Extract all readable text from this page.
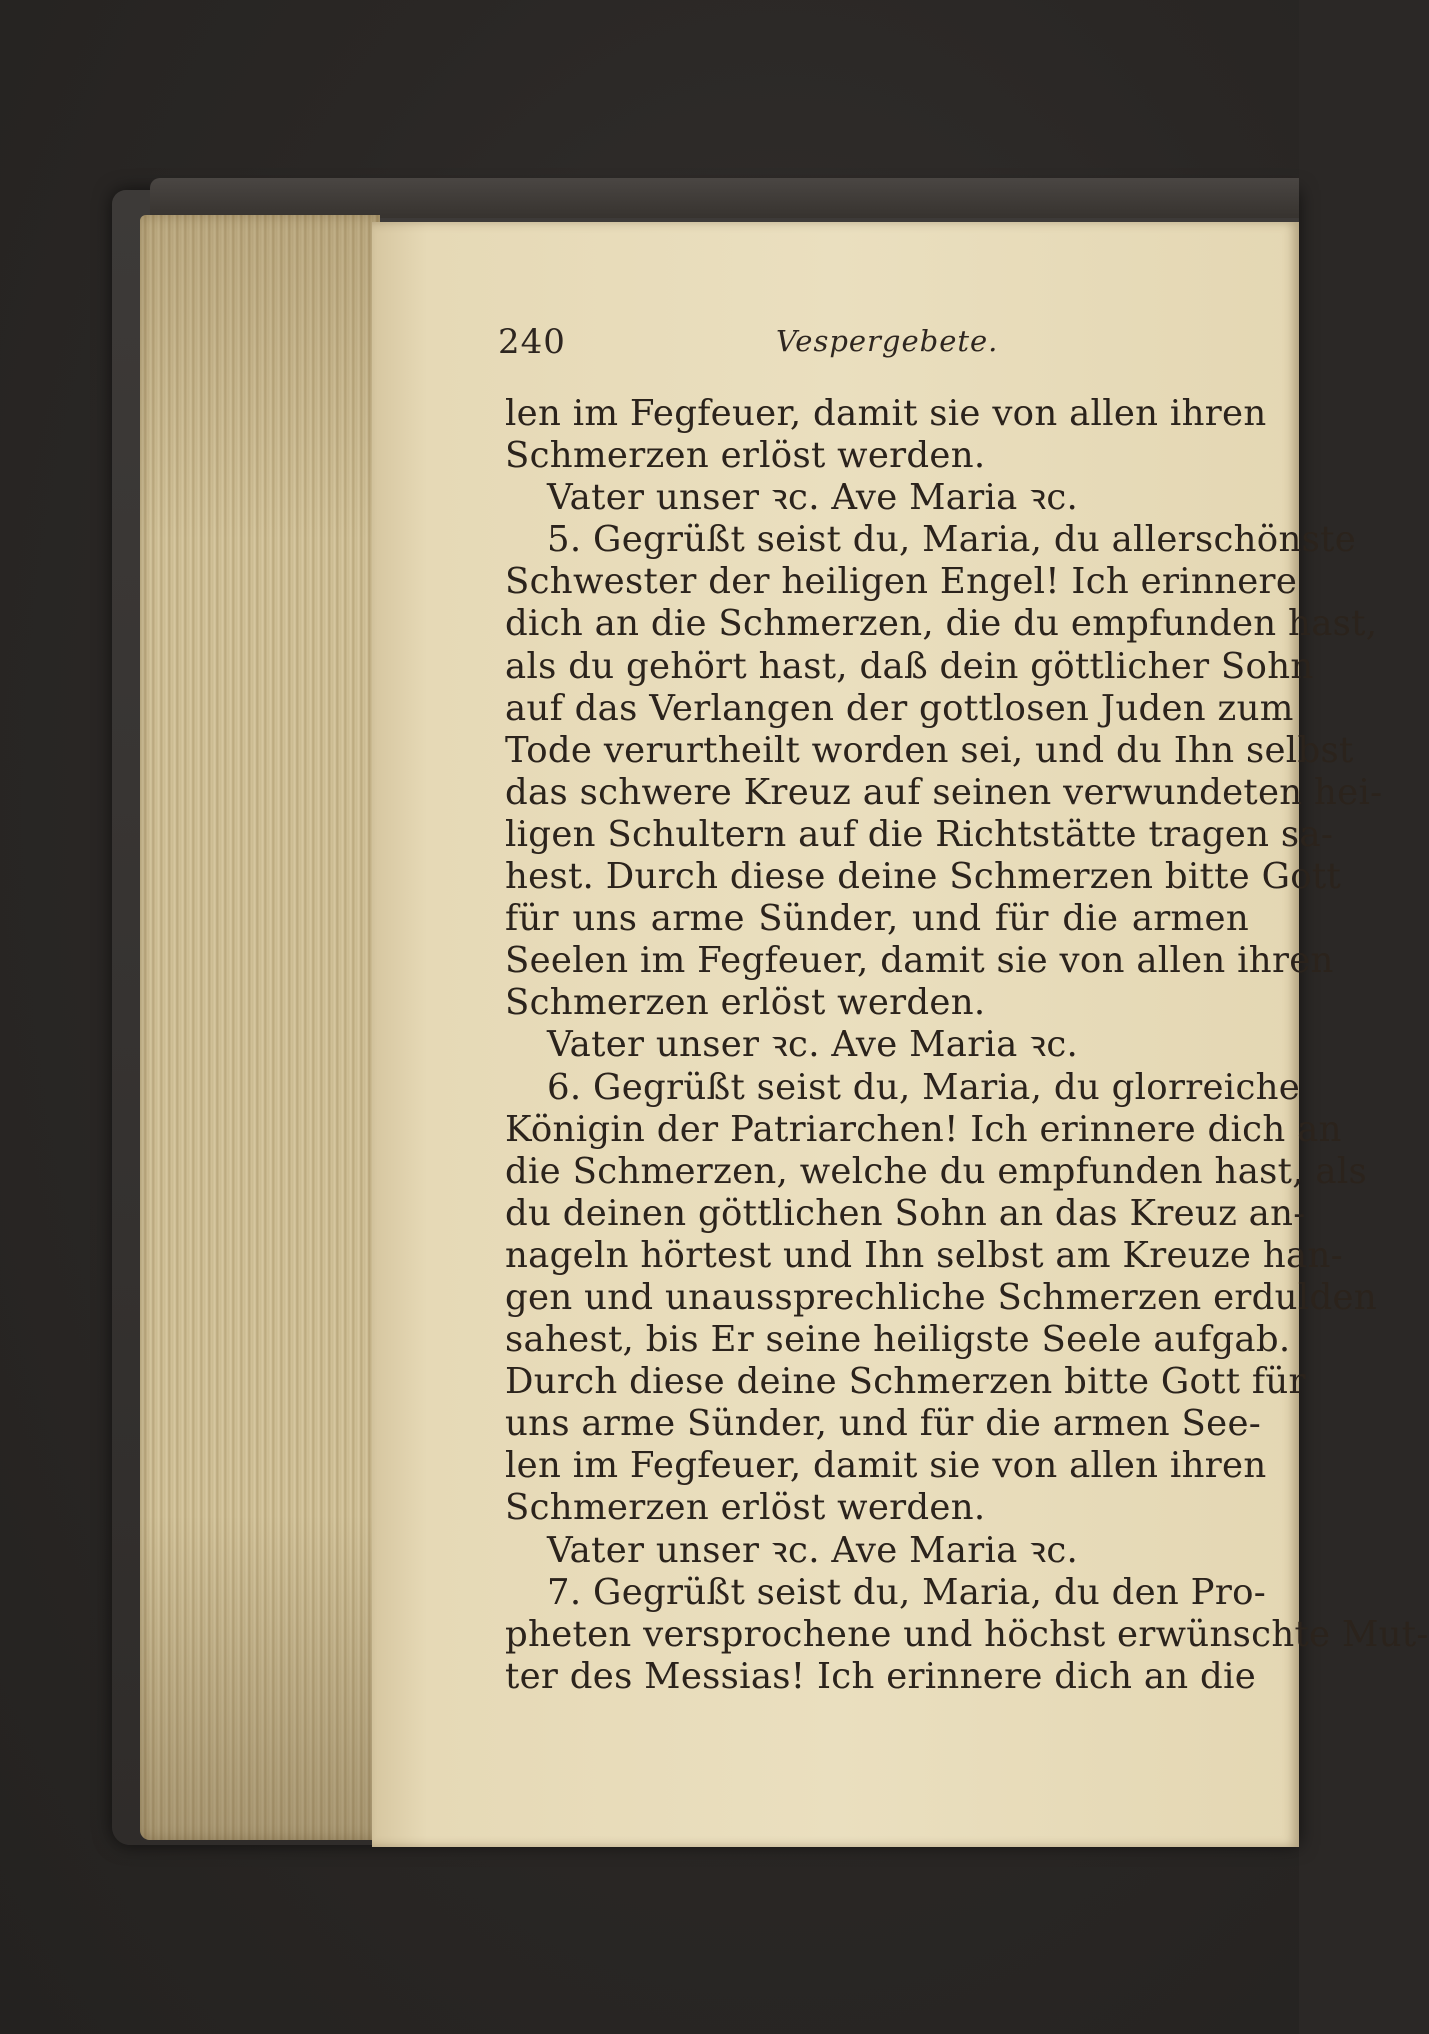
240	Vespergebete.
len im Fegfeuer, damit sie von allen ihren
Schmerzen erlöst werden.
Vater unser ꝛc. Ave Maria ꝛc.
5. Gegrüßt seist du, Maria, du allerschönste
Schwester der heiligen Engel! Ich erinnere
dich an die Schmerzen, die du empfunden hast,
als du gehört hast, daß dein göttlicher Sohn
auf das Verlangen der gottlosen Juden zum
Tode verurtheilt worden sei, und du Ihn selbst
das schwere Kreuz auf seinen verwundeten hei-
ligen Schultern auf die Richtstätte tragen sa-
hest. Durch diese deine Schmerzen bitte Gott
für uns arme Sünder, und für die armen
Seelen im Fegfeuer, damit sie von allen ihren
Schmerzen erlöst werden.
Vater unser ꝛc. Ave Maria ꝛc.
6. Gegrüßt seist du, Maria, du glorreiche
Königin der Patriarchen! Ich erinnere dich an
die Schmerzen, welche du empfunden hast, als
du deinen göttlichen Sohn an das Kreuz an-
nageln hörtest und Ihn selbst am Kreuze han-
gen und unaussprechliche Schmerzen erdulden
sahest, bis Er seine heiligste Seele aufgab.
Durch diese deine Schmerzen bitte Gott für
uns arme Sünder, und für die armen See-
len im Fegfeuer, damit sie von allen ihren
Schmerzen erlöst werden.
Vater unser ꝛc. Ave Maria ꝛc.
7. Gegrüßt seist du, Maria, du den Pro-
pheten versprochene und höchst erwünschte Mut-
ter des Messias! Ich erinnere dich an die
